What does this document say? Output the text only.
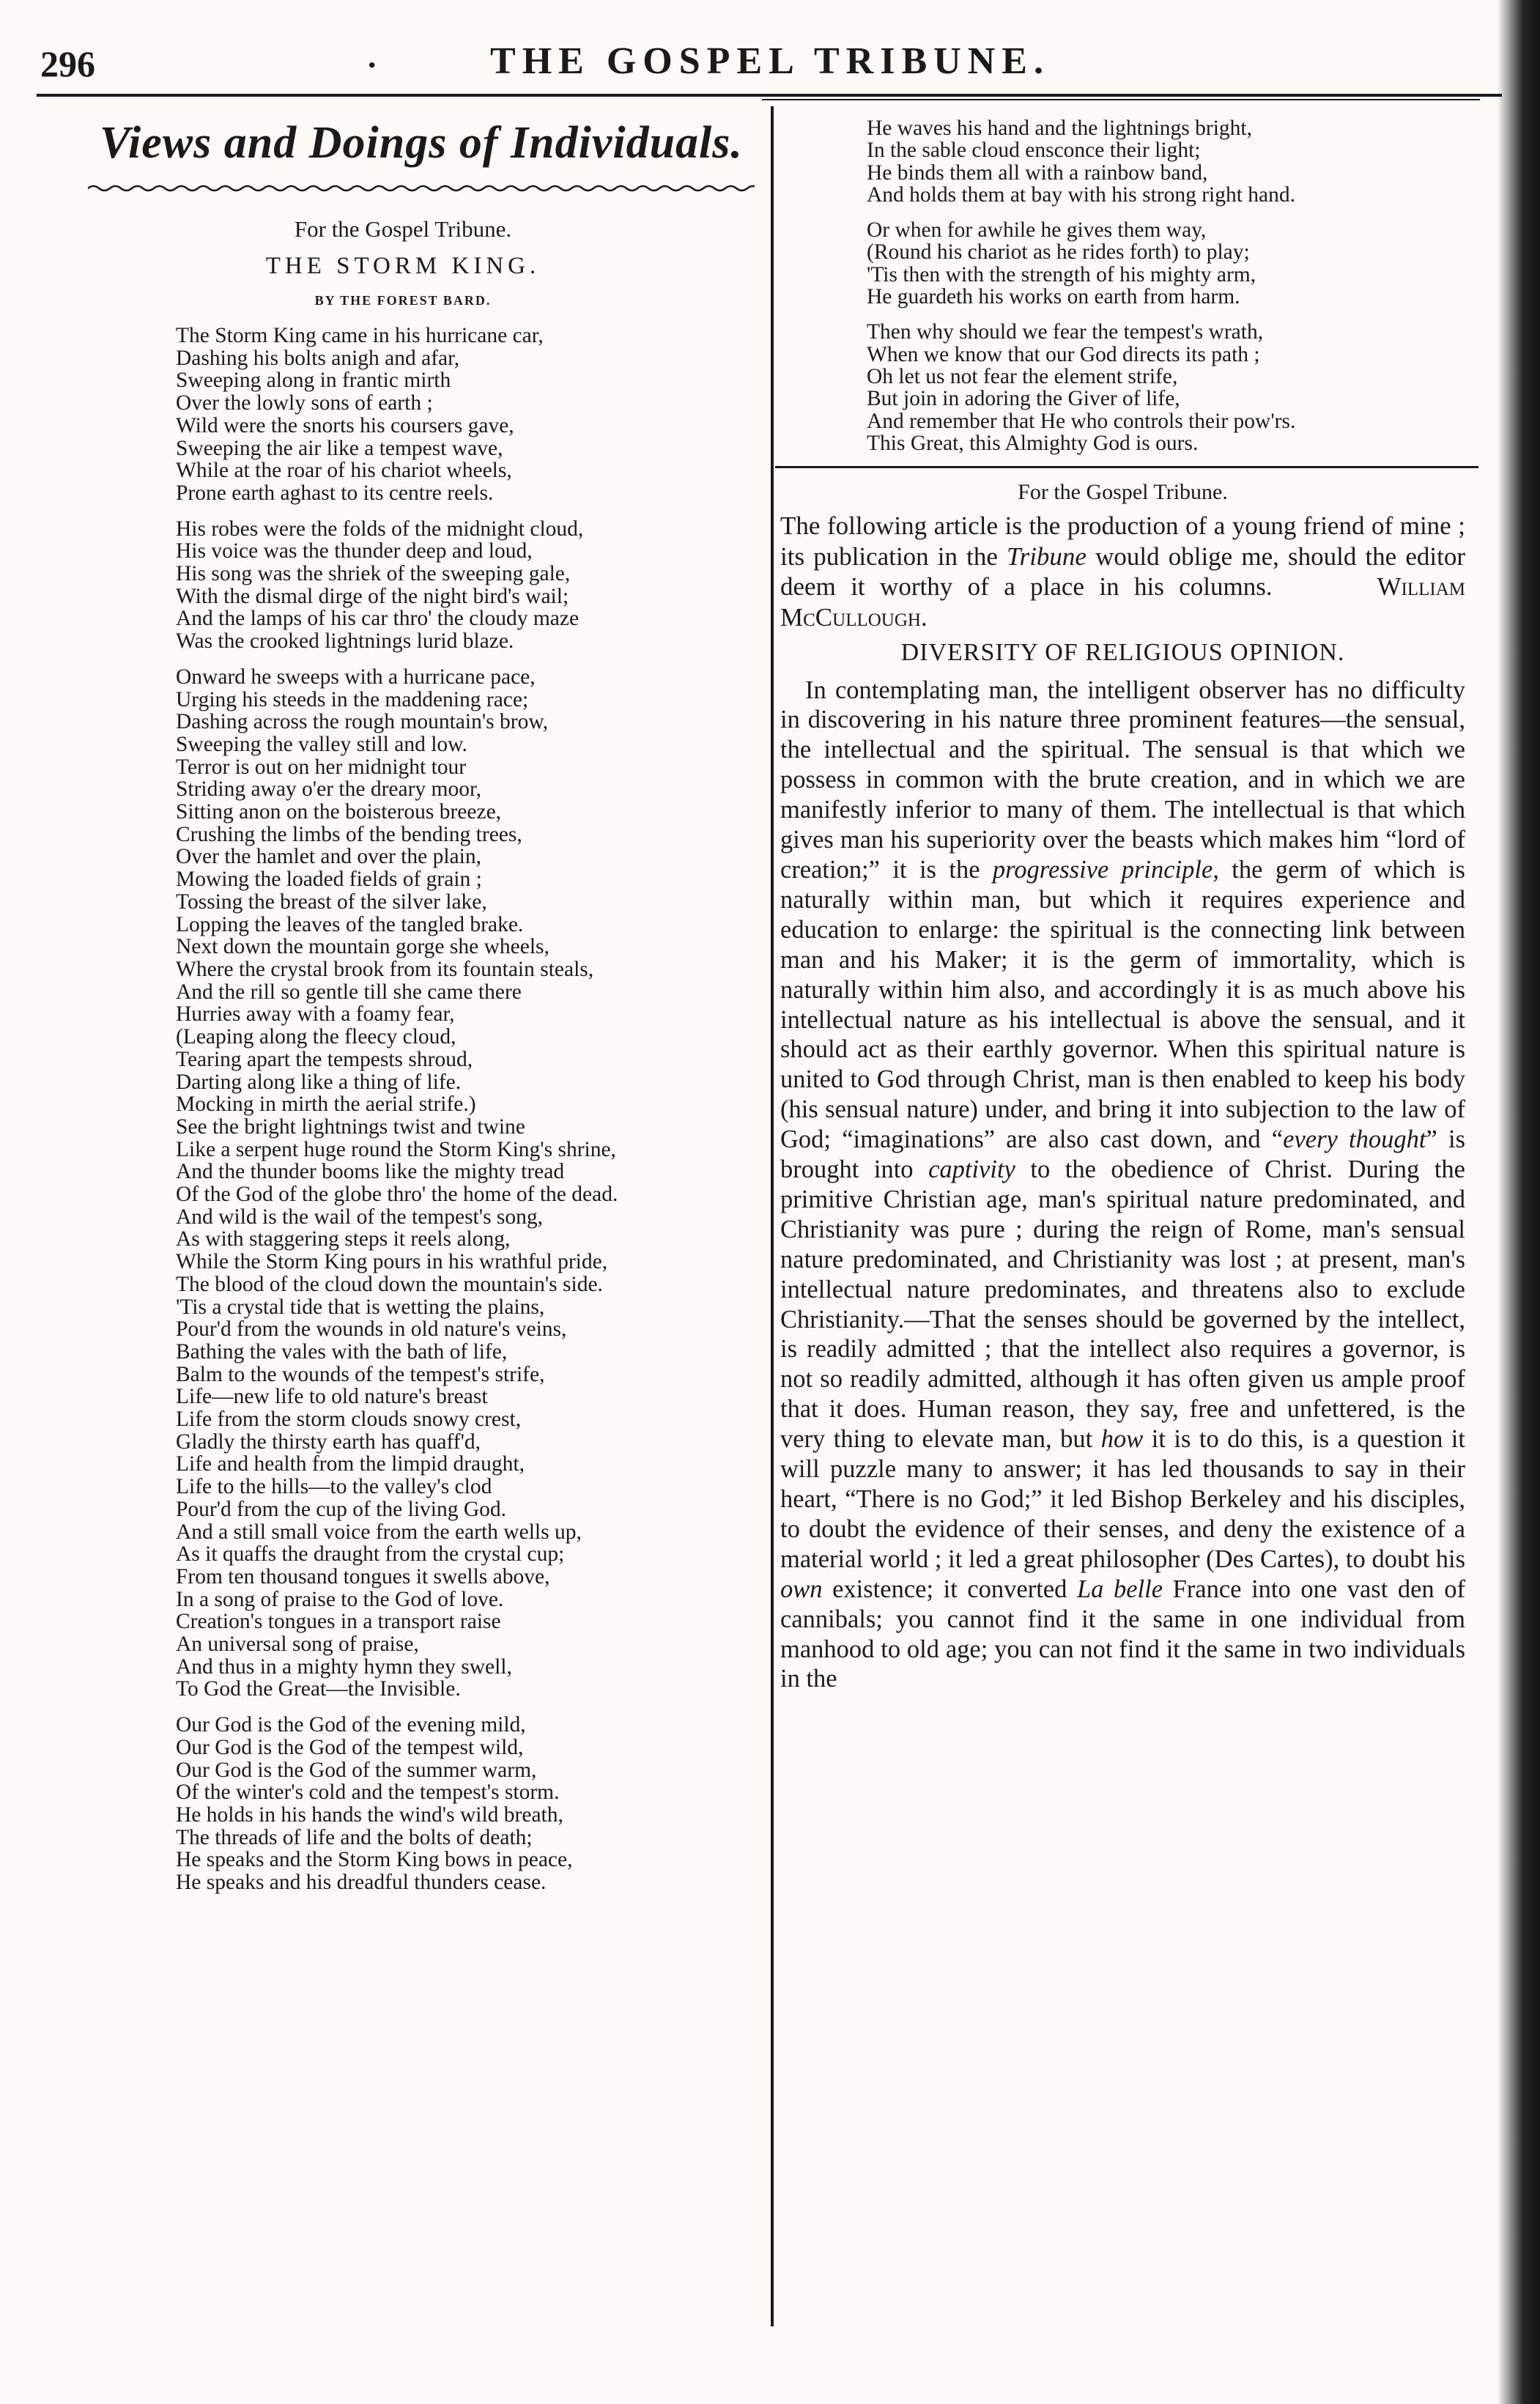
296	·	THE GOSPEL TRIBUNE.
Views and Doings of Individuals.
For the Gospel Tribune.
THE STORM KING.
BY THE FOREST BARD.
The Storm King came in his hurricane car,
Dashing his bolts anigh and afar,
Sweeping along in frantic mirth
Over the lowly sons of earth ;
Wild were the snorts his coursers gave,
Sweeping the air like a tempest wave,
While at the roar of his chariot wheels,
Prone earth aghast to its centre reels.
His robes were the folds of the midnight cloud,
His voice was the thunder deep and loud,
His song was the shriek of the sweeping gale,
With the dismal dirge of the night bird's wail;
And the lamps of his car thro' the cloudy maze
Was the crooked lightnings lurid blaze.
Onward he sweeps with a hurricane pace,
Urging his steeds in the maddening race;
Dashing across the rough mountain's brow,
Sweeping the valley still and low.
Terror is out on her midnight tour
Striding away o'er the dreary moor,
Sitting anon on the boisterous breeze,
Crushing the limbs of the bending trees,
Over the hamlet and over the plain,
Mowing the loaded fields of grain ;
Tossing the breast of the silver lake,
Lopping the leaves of the tangled brake.
Next down the mountain gorge she wheels,
Where the crystal brook from its fountain steals,
And the rill so gentle till she came there
Hurries away with a foamy fear,
(Leaping along the fleecy cloud,
Tearing apart the tempests shroud,
Darting along like a thing of life.
Mocking in mirth the aerial strife.)
See the bright lightnings twist and twine
Like a serpent huge round the Storm King's shrine,
And the thunder booms like the mighty tread
Of the God of the globe thro' the home of the dead.
And wild is the wail of the tempest's song,
As with staggering steps it reels along,
While the Storm King pours in his wrathful pride,
The blood of the cloud down the mountain's side.
'Tis a crystal tide that is wetting the plains,
Pour'd from the wounds in old nature's veins,
Bathing the vales with the bath of life,
Balm to the wounds of the tempest's strife,
Life—new life to old nature's breast
Life from the storm clouds snowy crest,
Gladly the thirsty earth has quaff'd,
Life and health from the limpid draught,
Life to the hills—to the valley's clod
Pour'd from the cup of the living God.
And a still small voice from the earth wells up,
As it quaffs the draught from the crystal cup;
From ten thousand tongues it swells above,
In a song of praise to the God of love.
Creation's tongues in a transport raise
An universal song of praise,
And thus in a mighty hymn they swell,
To God the Great—the Invisible.
Our God is the God of the evening mild,
Our God is the God of the tempest wild,
Our God is the God of the summer warm,
Of the winter's cold and the tempest's storm.
He holds in his hands the wind's wild breath,
The threads of life and the bolts of death;
He speaks and the Storm King bows in peace,
He speaks and his dreadful thunders cease.
He waves his hand and the lightnings bright,
In the sable cloud ensconce their light;
He binds them all with a rainbow band,
And holds them at bay with his strong right hand.
Or when for awhile he gives them way,
(Round his chariot as he rides forth) to play;
'Tis then with the strength of his mighty arm,
He guardeth his works on earth from harm.
Then why should we fear the tempest's wrath,
When we know that our God directs its path ;
Oh let us not fear the element strife,
But join in adoring the Giver of life,
And remember that He who controls their pow'rs.
This Great, this Almighty God is ours.
For the Gospel Tribune.
The following article is the production of a young friend of mine ; its publication in the Tribune would oblige me, should the editor deem it worthy of a place in his columns.	William McCullough.
DIVERSITY OF RELIGIOUS OPINION.
In contemplating man, the intelligent observer has no difficulty in discovering in his nature three prominent features—the sensual, the intellectual and the spiritual. The sensual is that which we possess in common with the brute creation, and in which we are manifestly inferior to many of them. The intellectual is that which gives man his superiority over the beasts which makes him “lord of creation;” it is the progressive principle, the germ of which is naturally within man, but which it requires experience and education to enlarge: the spiritual is the connecting link between man and his Maker; it is the germ of immortality, which is naturally within him also, and accordingly it is as much above his intellectual nature as his intellectual is above the sensual, and it should act as their earthly governor. When this spiritual nature is united to God through Christ, man is then enabled to keep his body (his sensual nature) under, and bring it into subjection to the law of God; “imaginations” are also cast down, and “every thought” is brought into captivity to the obedience of Christ. During the primitive Christian age, man's spiritual nature predominated, and Christianity was pure ; during the reign of Rome, man's sensual nature predominated, and Christianity was lost ; at present, man's intellectual nature predominates, and threatens also to exclude Christianity.—That the senses should be governed by the intellect, is readily admitted ; that the intellect also requires a governor, is not so readily admitted, although it has often given us ample proof that it does. Human reason, they say, free and unfettered, is the very thing to elevate man, but how it is to do this, is a question it will puzzle many to answer; it has led thousands to say in their heart, “There is no God;” it led Bishop Berkeley and his disciples, to doubt the evidence of their senses, and deny the existence of a material world ; it led a great philosopher (Des Cartes), to doubt his own existence; it converted La belle France into one vast den of cannibals; you cannot find it the same in one individual from manhood to old age; you can not find it the same in two individuals in the
